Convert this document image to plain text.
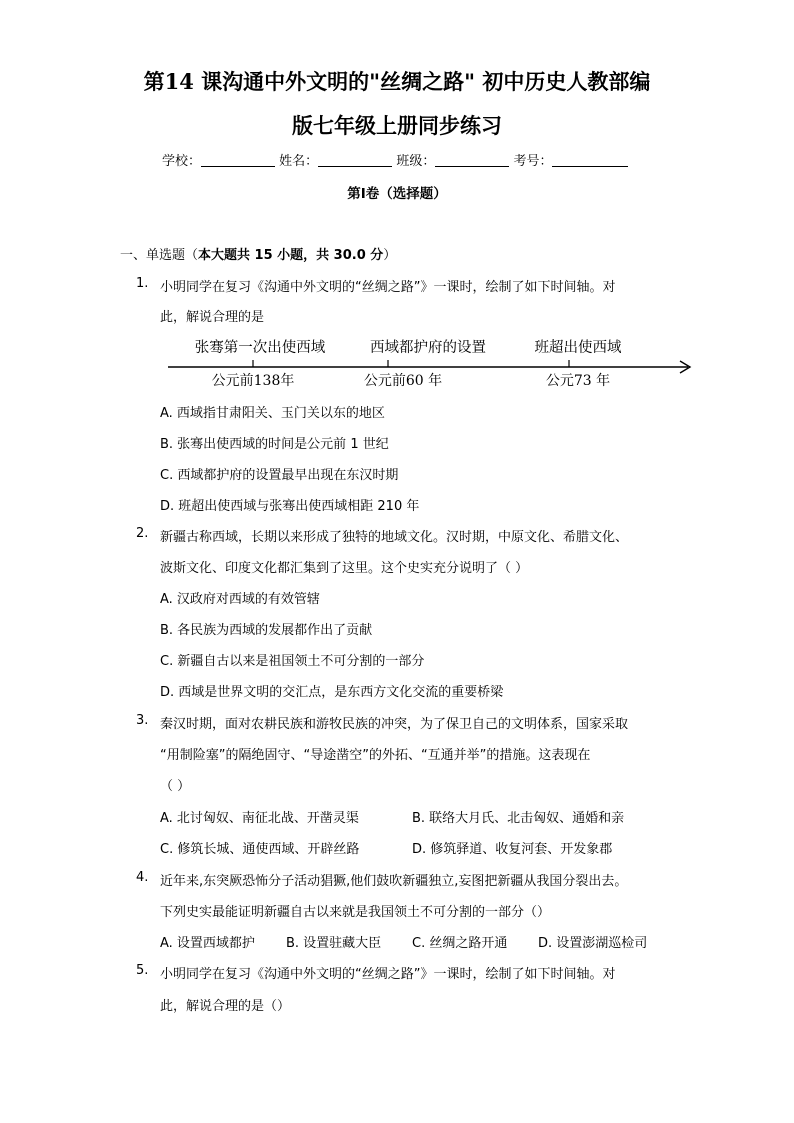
第14 课沟通中外文明的"丝绸之路" 初中历史人教部编
版七年级上册同步练习
学校：	姓名：	班级：	考号：
第I卷（选择题）
一、单选题（本大题共 15 小题，共 30.0 分）
1. 小明同学在复习《沟通中外文明的“丝绸之路”》一课时，绘制了如下时间轴。对
此，解说合理的是
张骞第一次出使西域	西域都护府的设置	班超出使西域
公元前138年	公元前60 年	公元73 年
A. 西域指甘肃阳关、玉门关以东的地区
B. 张骞出使西域的时间是公元前 1 世纪
C. 西域都护府的设置最早出现在东汉时期
D. 班超出使西域与张骞出使西域相距 210 年
2. 新疆古称西域，长期以来形成了独特的地域文化。汉时期，中原文化、希腊文化、
波斯文化、印度文化都汇集到了这里。这个史实充分说明了（ ）
A. 汉政府对西域的有效管辖
B. 各民族为西域的发展都作出了贡献
C. 新疆自古以来是祖国领土不可分割的一部分
D. 西域是世界文明的交汇点，是东西方文化交流的重要桥梁
3. 秦汉时期，面对农耕民族和游牧民族的冲突，为了保卫自己的文明体系，国家采取
“用制险塞”的隔绝固守、“导途凿空”的外拓、“互通并举”的措施。这表现在
（ ）
A. 北讨匈奴、南征北战、开凿灵渠	B. 联络大月氏、北击匈奴、通婚和亲
C. 修筑长城、通使西域、开辟丝路	D. 修筑驿道、收复河套、开发象郡
4. 近年来,东突厥恐怖分子活动猖獗,他们鼓吹新疆独立,妄图把新疆从我国分裂出去。
下列史实最能证明新疆自古以来就是我国领土不可分割的一部分（）
A. 设置西域都护 B. 设置驻藏大臣 C. 丝绸之路开通 D. 设置澎湖巡检司
5. 小明同学在复习《沟通中外文明的“丝绸之路”》一课时，绘制了如下时间轴。对
此，解说合理的是（）
